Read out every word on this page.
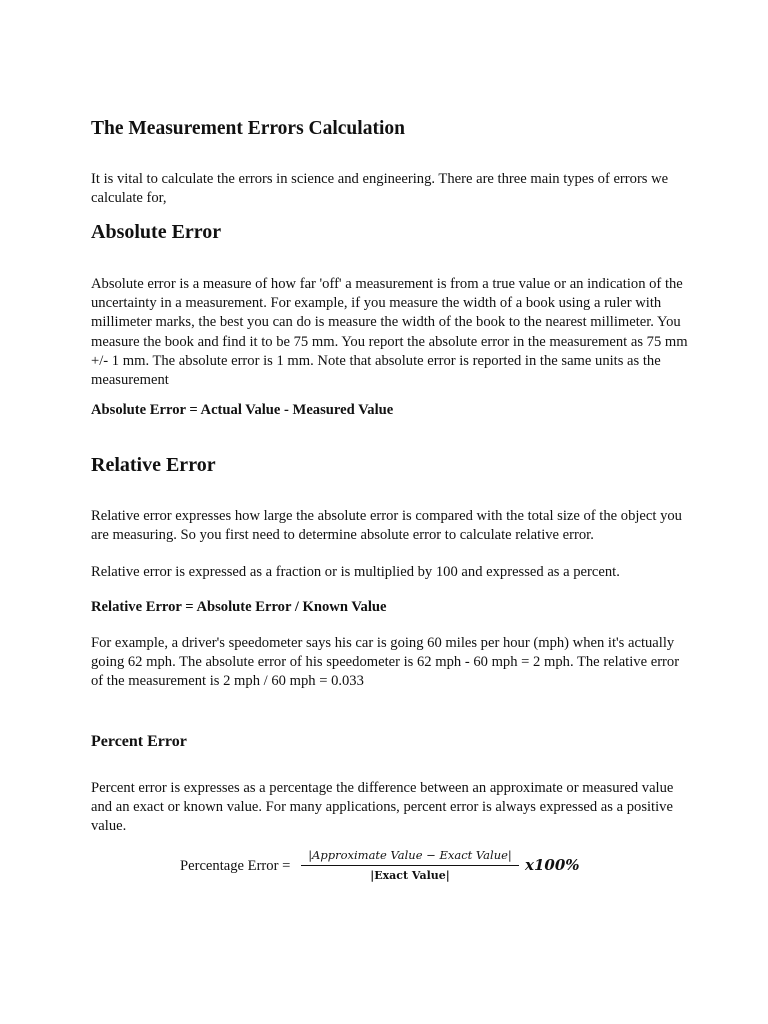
The Measurement Errors Calculation
It is vital to calculate the errors in science and engineering. There are three main types of errors we calculate for,
Absolute Error
Absolute error is a measure of how far 'off' a measurement is from a true value or an indication of the uncertainty in a measurement. For example, if you measure the width of a book using a ruler with millimeter marks, the best you can do is measure the width of the book to the nearest millimeter. You measure the book and find it to be 75 mm. You report the absolute error in the measurement as 75 mm +/- 1 mm. The absolute error is 1 mm. Note that absolute error is reported in the same units as the measurement
Absolute Error = Actual Value - Measured Value
Relative Error
Relative error expresses how large the absolute error is compared with the total size of the object you are measuring. So you first need to determine absolute error to calculate relative error.
Relative error is expressed as a fraction or is multiplied by 100 and expressed as a percent.
Relative Error = Absolute Error / Known Value
For example, a driver's speedometer says his car is going 60 miles per hour (mph) when it's actually going 62 mph. The absolute error of his speedometer is 62 mph - 60 mph = 2 mph. The relative error of the measurement is 2 mph / 60 mph = 0.033
Percent Error
Percent error is expresses as a percentage the difference between an approximate or measured value and an exact or known value. For many applications, percent error is always expressed as a positive value.
Percentage Error =
|Approximate Value − Exact Value|
|Exact Value|
x100%
